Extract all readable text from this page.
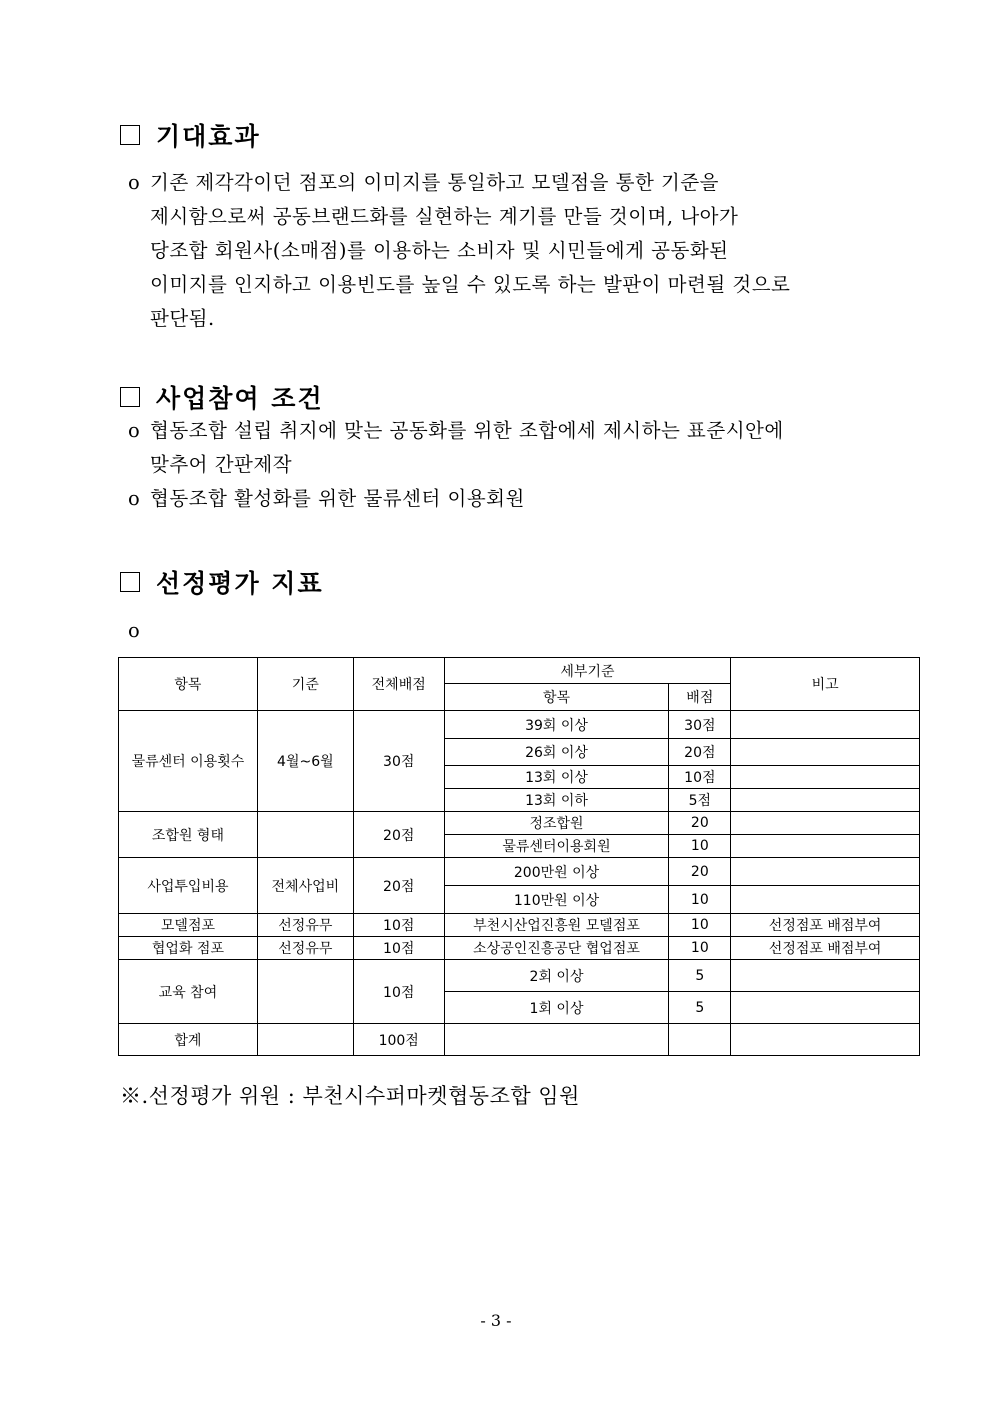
기대효과
o 기존 제각각이던 점포의 이미지를 통일하고 모델점을 통한 기준을
제시함으로써 공동브랜드화를 실현하는 계기를 만들 것이며, 나아가
당조합 회원사(소매점)를 이용하는 소비자 및 시민들에게 공동화된
이미지를 인지하고 이용빈도를 높일 수 있도록 하는 발판이 마련될 것으로
판단됨.
사업참여 조건
o 협동조합 설립 취지에 맞는 공동화를 위한 조합에세 제시하는 표준시안에
맞추어 간판제작
o 협동조합 활성화를 위한 물류센터 이용회원
선정평가 지표
o
항목	기준	전체배점	세부기준		비고
			항목	배점	
물류센터 이용횟수	4월~6월	30점	39회 이상	30점	
			26회 이상	20점	
			13회 이상	10점	
			13회 이하	5점	
조합원 형태		20점	정조합원	20	
			물류센터이용회원	10	
사업투입비용	전체사업비	20점	200만원 이상	20	
			110만원 이상	10	
모델점포	선정유무	10점	부천시산업진흥원 모델점포	10	선정점포 배점부여
협업화 점포	선정유무	10점	소상공인진흥공단 협업점포	10	선정점포 배점부여
교육 참여		10점	2회 이상	5	
			1회 이상	5	
합계		100점			
※.선정평가 위원 : 부천시수퍼마켓협동조합 임원
- 3 -
